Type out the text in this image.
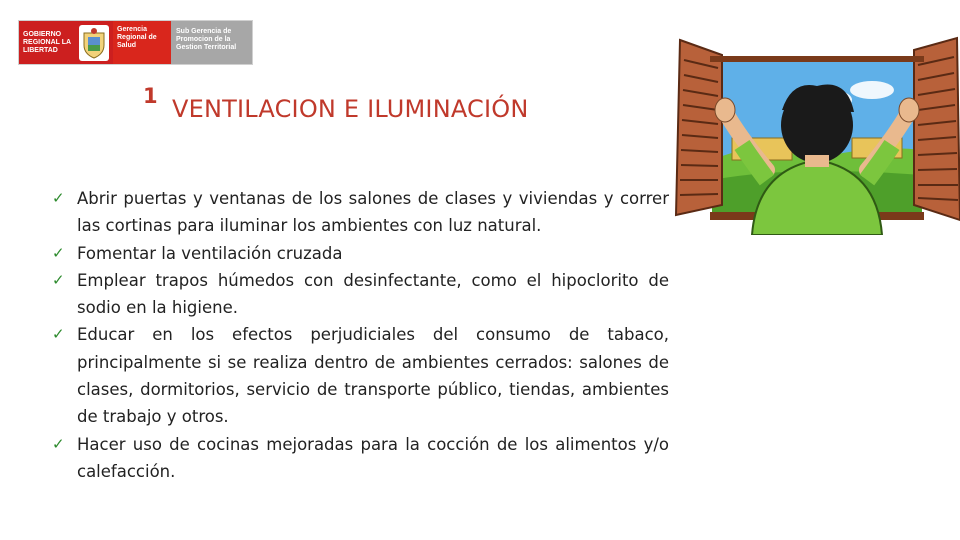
GOBIERNO REGIONAL LA LIBERTAD
Gerencia Regional de Salud
Sub Gerencia de Promocion de la Gestion Territorial
1 VENTILACION E ILUMINACIÓN
✓ Abrir puertas y ventanas de los salones de clases y viviendas y correr las cortinas para iluminar los ambientes con luz natural.
✓ Fomentar la ventilación cruzada
✓ Emplear trapos húmedos con desinfectante, como el hipoclorito de sodio en la higiene.
✓ Educar en los efectos perjudiciales del consumo de tabaco, principalmente si se realiza dentro de ambientes cerrados: salones de clases, dormitorios, servicio de transporte público, tiendas, ambientes de trabajo y otros.
✓ Hacer uso de cocinas mejoradas para la cocción de los alimentos y/o calefacción.
